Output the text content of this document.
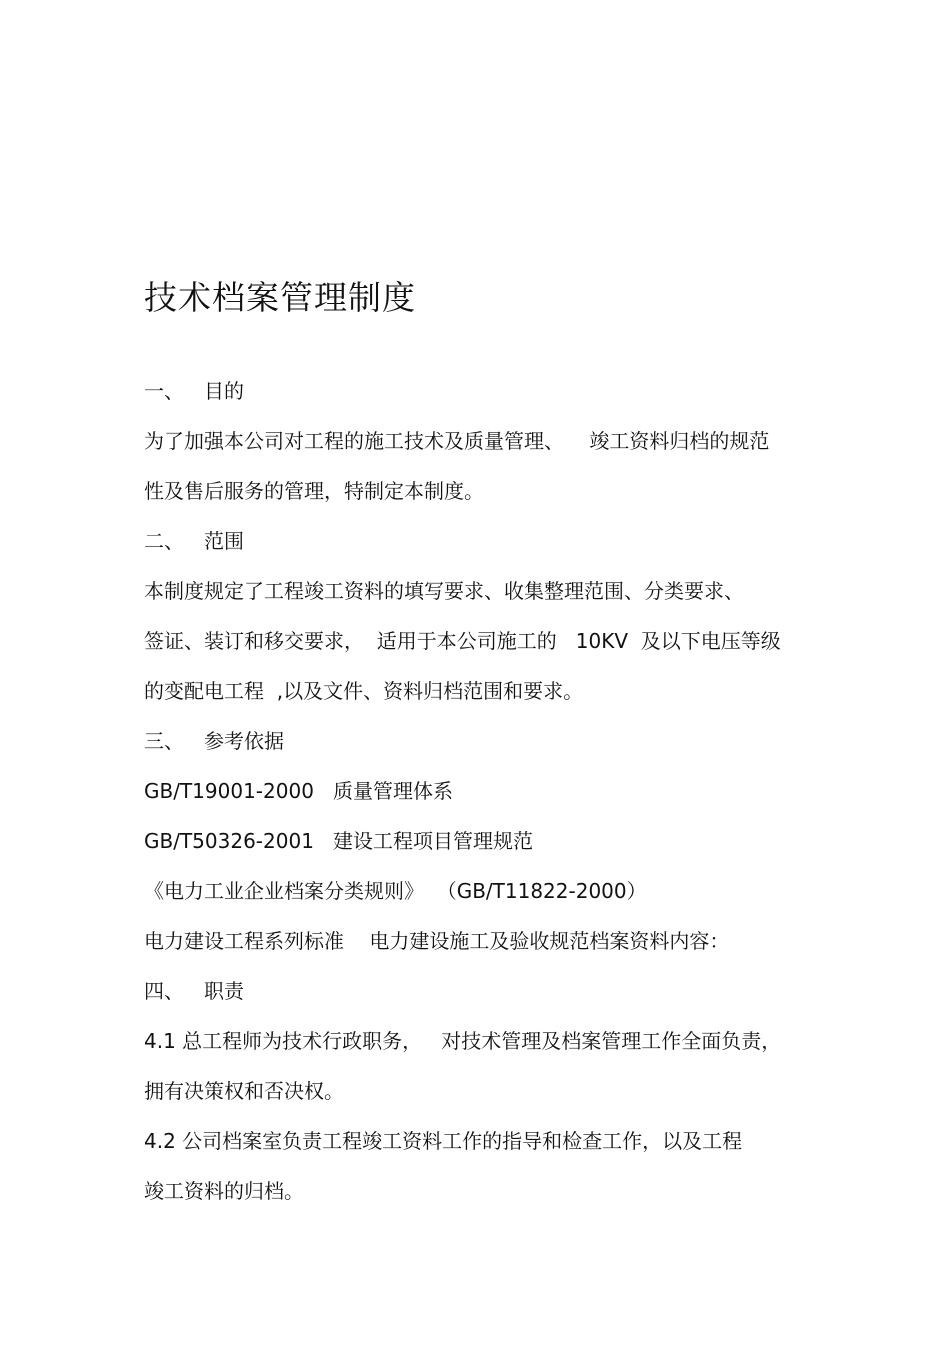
技术档案管理制度
一、 目的
为了加强本公司对工程的施工技术及质量管理、    竣工资料归档的规范
性及售后服务的管理，特制定本制度。
二、 范围
本制度规定了工程竣工资料的填写要求、收集整理范围、分类要求、
签证、装订和移交要求，  适用于本公司施工的   10KV  及以下电压等级
的变配电工程  ,以及文件、资料归档范围和要求。
三、 参考依据
GB/T19001-2000   质量管理体系
GB/T50326-2001   建设工程项目管理规范
《电力工业企业档案分类规则》  （GB/T11822-2000）
电力建设工程系列标准    电力建设施工及验收规范档案资料内容：
四、 职责
4.1 总工程师为技术行政职务，   对技术管理及档案管理工作全面负责，
拥有决策权和否决权。
4.2 公司档案室负责工程竣工资料工作的指导和检查工作，以及工程
竣工资料的归档。
